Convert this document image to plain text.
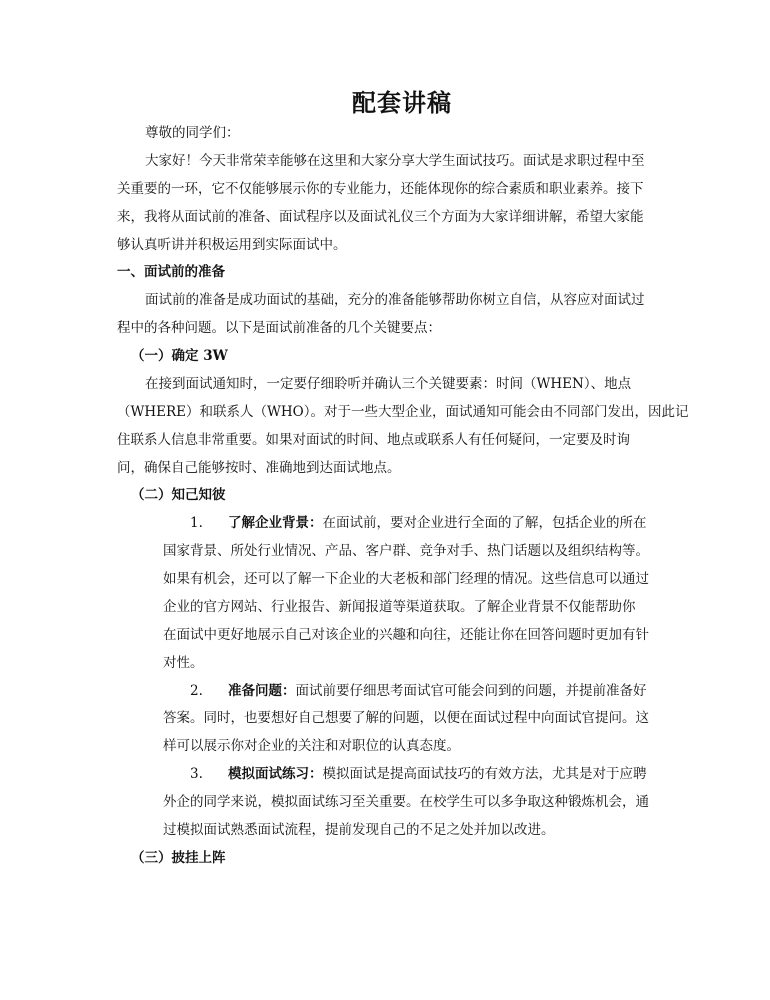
配套讲稿
尊敬的同学们：
大家好！今天非常荣幸能够在这里和大家分享大学生面试技巧。面试是求职过程中至
关重要的一环，它不仅能够展示你的专业能力，还能体现你的综合素质和职业素养。接下
来，我将从面试前的准备、面试程序以及面试礼仪三个方面为大家详细讲解，希望大家能
够认真听讲并积极运用到实际面试中。
一、面试前的准备
面试前的准备是成功面试的基础，充分的准备能够帮助你树立自信，从容应对面试过
程中的各种问题。以下是面试前准备的几个关键要点：
（一）确定 3W
在接到面试通知时，一定要仔细聆听并确认三个关键要素：时间（WHEN）、地点
（WHERE）和联系人（WHO）。对于一些大型企业，面试通知可能会由不同部门发出，因此记
住联系人信息非常重要。如果对面试的时间、地点或联系人有任何疑问，一定要及时询
问，确保自己能够按时、准确地到达面试地点。
（二）知己知彼
1. 了解企业背景：在面试前，要对企业进行全面的了解，包括企业的所在
国家背景、所处行业情况、产品、客户群、竞争对手、热门话题以及组织结构等。
如果有机会，还可以了解一下企业的大老板和部门经理的情况。这些信息可以通过
企业的官方网站、行业报告、新闻报道等渠道获取。了解企业背景不仅能帮助你
在面试中更好地展示自己对该企业的兴趣和向往，还能让你在回答问题时更加有针
对性。
2. 准备问题：面试前要仔细思考面试官可能会问到的问题，并提前准备好
答案。同时，也要想好自己想要了解的问题，以便在面试过程中向面试官提问。这
样可以展示你对企业的关注和对职位的认真态度。
3. 模拟面试练习：模拟面试是提高面试技巧的有效方法，尤其是对于应聘
外企的同学来说，模拟面试练习至关重要。在校学生可以多争取这种锻炼机会，通
过模拟面试熟悉面试流程，提前发现自己的不足之处并加以改进。
（三）披挂上阵
